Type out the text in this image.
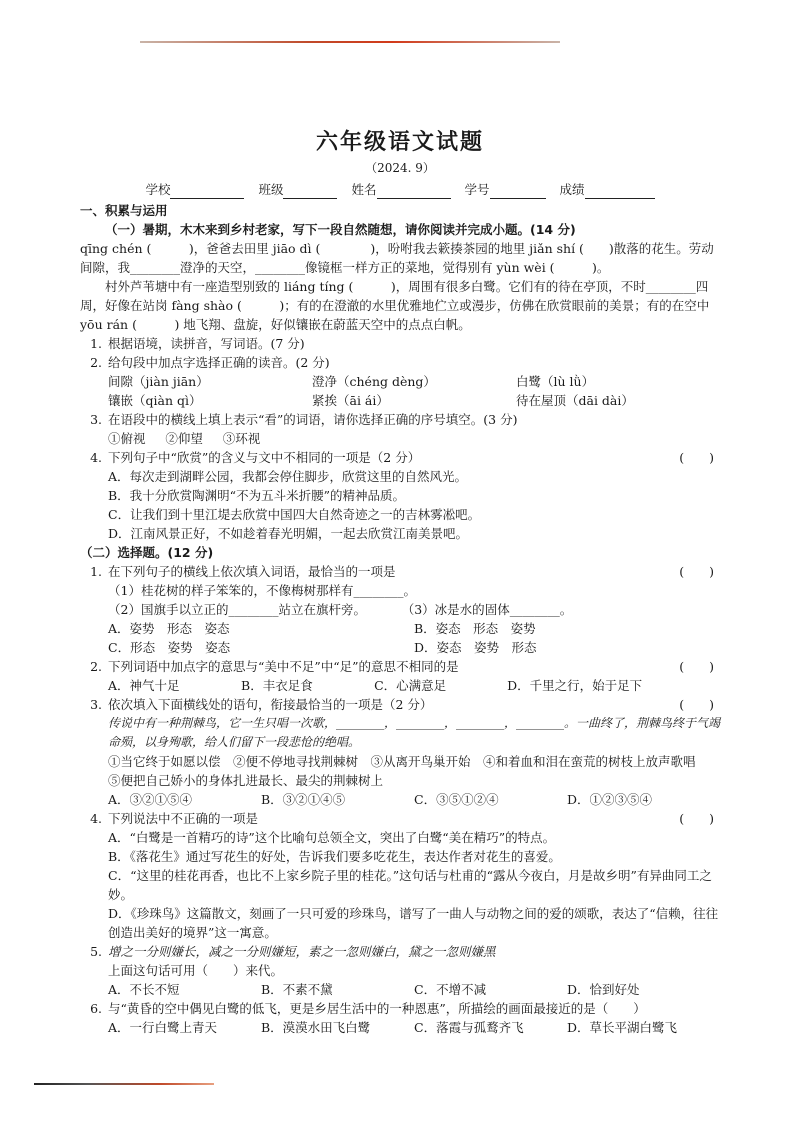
六年级语文试题

（2024. 9）

学校	班级	姓名	学号	成绩

一、积累与运用

（一）暑期，木木来到乡村老家，写下一段自然随想，请你阅读并完成小题。(14 分)

qīng chén (　　　)，爸爸去田里 jiāo dì (　　　　)，吩咐我去簌揍茶园的地里 jiǎn shí (　　)散落的花生。劳动间隙，我________澄净的天空，________像镜框一样方正的菜地，觉得别有 yùn wèi (　　　)。

村外芦苇塘中有一座造型别致的 liáng tíng (　　　)，周围有很多白鹭。它们有的待在亭顶，不时________四周，好像在站岗 fàng shào (　　　)；有的在澄澈的水里优雅地伫立或漫步，仿佛在欣赏眼前的美景；有的在空中 yōu rán (　　　) 地飞翔、盘旋，好似镶嵌在蔚蓝天空中的点点白帆。

1. 根据语境，读拼音，写词语。(7 分)
2. 给句段中加点字选择正确的读音。(2 分)
间隙（jiàn jiān）	澄净（chéng dèng）	白鹭（lù lǜ）
镶嵌（qiàn qì）	紧挨（āi ái）	待在屋顶（dāi dài）
3. 在语段中的横线上填上表示“看”的词语，请你选择正确的序号填空。(3 分)
①俯视 ②仰望 ③环视
4. 下列句子中“欣赏”的含义与文中不相同的一项是（2 分）	(　　)
A．每次走到湖畔公园，我都会停住脚步，欣赏这里的自然风光。
B．我十分欣赏陶渊明“不为五斗米折腰”的精神品质。
C．让我们到十里江堤去欣赏中国四大自然奇迹之一的吉林雾凇吧。
D．江南风景正好，不如趁着春光明媚，一起去欣赏江南美景吧。

（二）选择题。(12 分)

1. 在下列句子的横线上依次填入词语，最恰当的一项是	(　　)
（1）桂花树的样子笨笨的，不像梅树那样有________。
（2）国旗手以立正的________站立在旗杆旁。	（3）冰是水的固体________。
A．姿势　形态　姿态	B．姿态　形态　姿势
C．形态　姿势　姿态	D．姿态　姿势　形态
2. 下列词语中加点字的意思与“美中不足”中“足”的意思不相同的是	(　　)
A．神气十足	B．丰衣足食	C．心满意足	D．千里之行，始于足下
3. 依次填入下面横线处的语句，衔接最恰当的一项是（2 分）	(　　)
传说中有一种荆棘鸟，它一生只唱一次歌，________，________，________，________。一曲终了，荆棘鸟终于气竭命殒，以身殉歌，给人们留下一段悲怆的绝唱。
①当它终于如愿以偿　②便不停地寻找荆棘树　③从离开鸟巢开始　④和着血和泪在蛮荒的树枝上放声歌唱　⑤便把自己娇小的身体扎进最长、最尖的荆棘树上
A．③②①⑤④	B．③②①④⑤	C．③⑤①②④	D．①②③⑤④
4. 下列说法中不正确的一项是	(　　)
A．“白鹭是一首精巧的诗”这个比喻句总领全文，突出了白鹭“美在精巧”的特点。
B．《落花生》通过写花生的好处，告诉我们要多吃花生，表达作者对花生的喜爱。
C．“这里的桂花再香，也比不上家乡院子里的桂花。”这句话与杜甫的“露从今夜白，月是故乡明”有异曲同工之妙。
D．《珍珠鸟》这篇散文，刻画了一只可爱的珍珠鸟，谱写了一曲人与动物之间的爱的颂歌，表达了“信赖，往往创造出美好的境界”这一寓意。
5. 增之一分则嫌长，减之一分则嫌短，素之一忽则嫌白，黛之一忽则嫌黑
上面这句话可用（　　）来代。
A．不长不短	B．不素不黛	C．不增不减	D．恰到好处
6. 与“黄昏的空中偶见白鹭的低飞，更是乡居生活中的一种恩惠”，所描绘的画面最接近的是（　　）
A．一行白鹭上青天	B．漠漠水田飞白鹭	C．落霞与孤鹜齐飞	D．草长平湖白鹭飞
